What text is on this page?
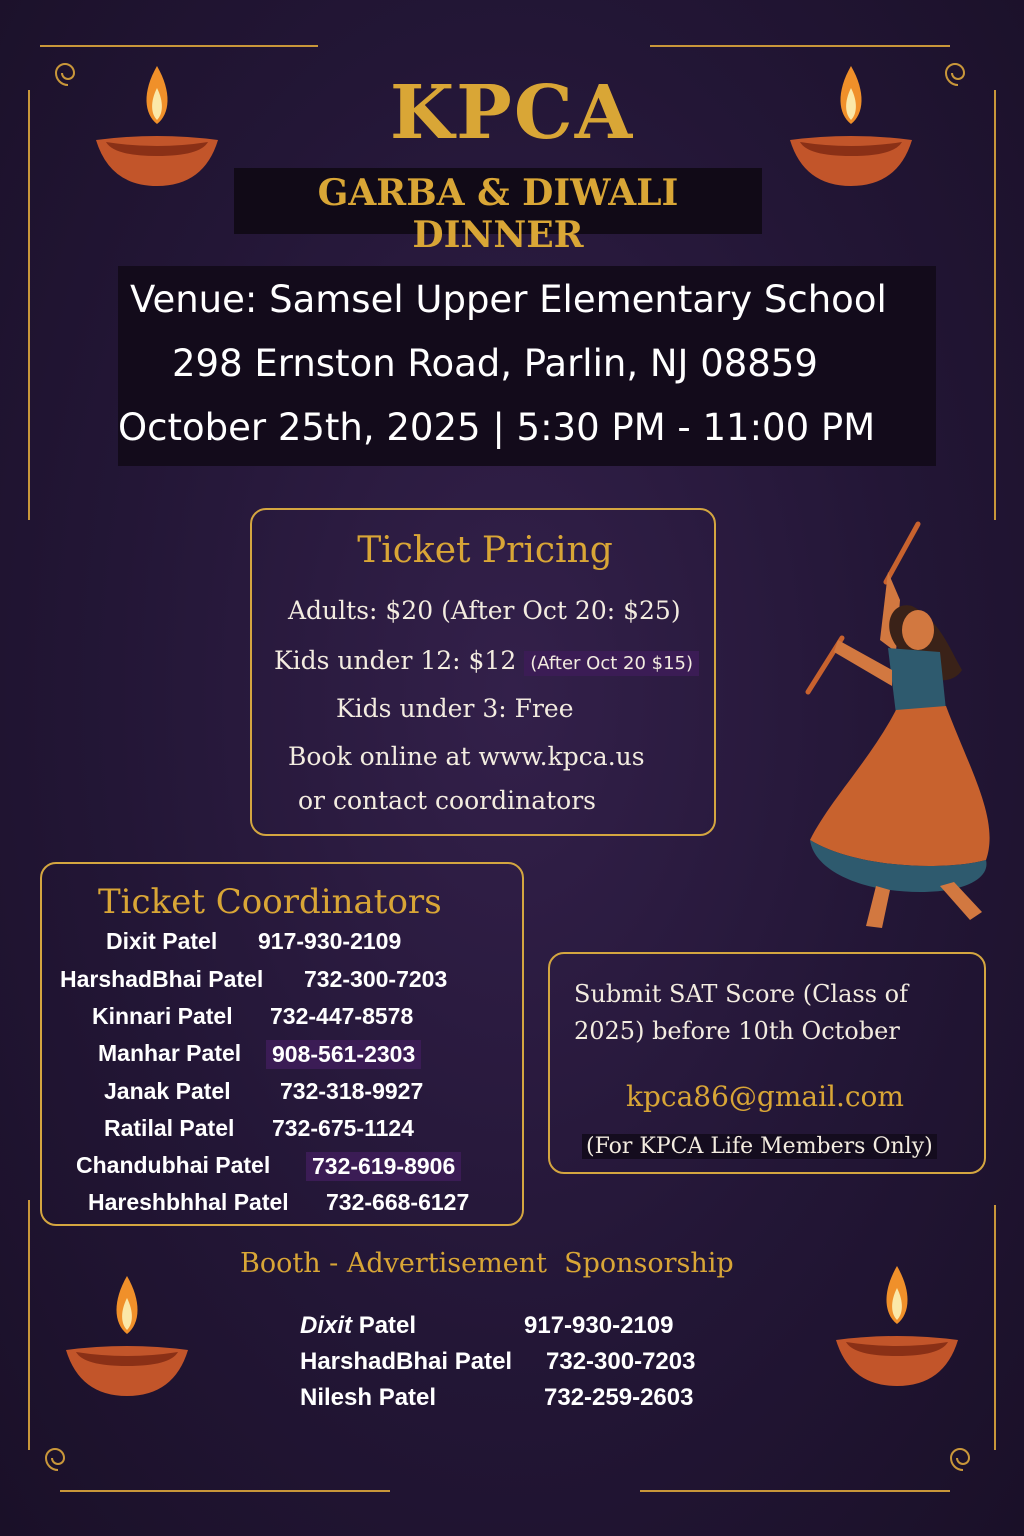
KPCA
GARBA & DIWALI DINNER
Venue: Samsel Upper Elementary School
298 Ernston Road, Parlin, NJ 08859
October 25th, 2025 | 5:30 PM - 11:00 PM
Ticket Pricing
Adults: $20 (After Oct 20: $25)
Kids under 12: $12 (After Oct 20 $15)
Kids under 3: Free
Book online at www.kpca.us
or contact coordinators
Ticket Coordinators
Dixit Patel 917-930-2109
HarshadBhai Patel 732-300-7203
Kinnari Patel 732-447-8578
Manhar Patel 908-561-2303
Janak Patel 732-318-9927
Ratilal Patel 732-675-1124
Chandubhai Patel 732-619-8906
Hareshbhhal Patel 732-668-6127
Submit SAT Score (Class of
2025) before 10th October
kpca86@gmail.com
(For KPCA Life Members Only)
Booth - Advertisement  Sponsorship
Dixit Patel	917-930-2109
HarshadBhai Patel 732-300-7203
Nilesh Patel	732-259-2603
